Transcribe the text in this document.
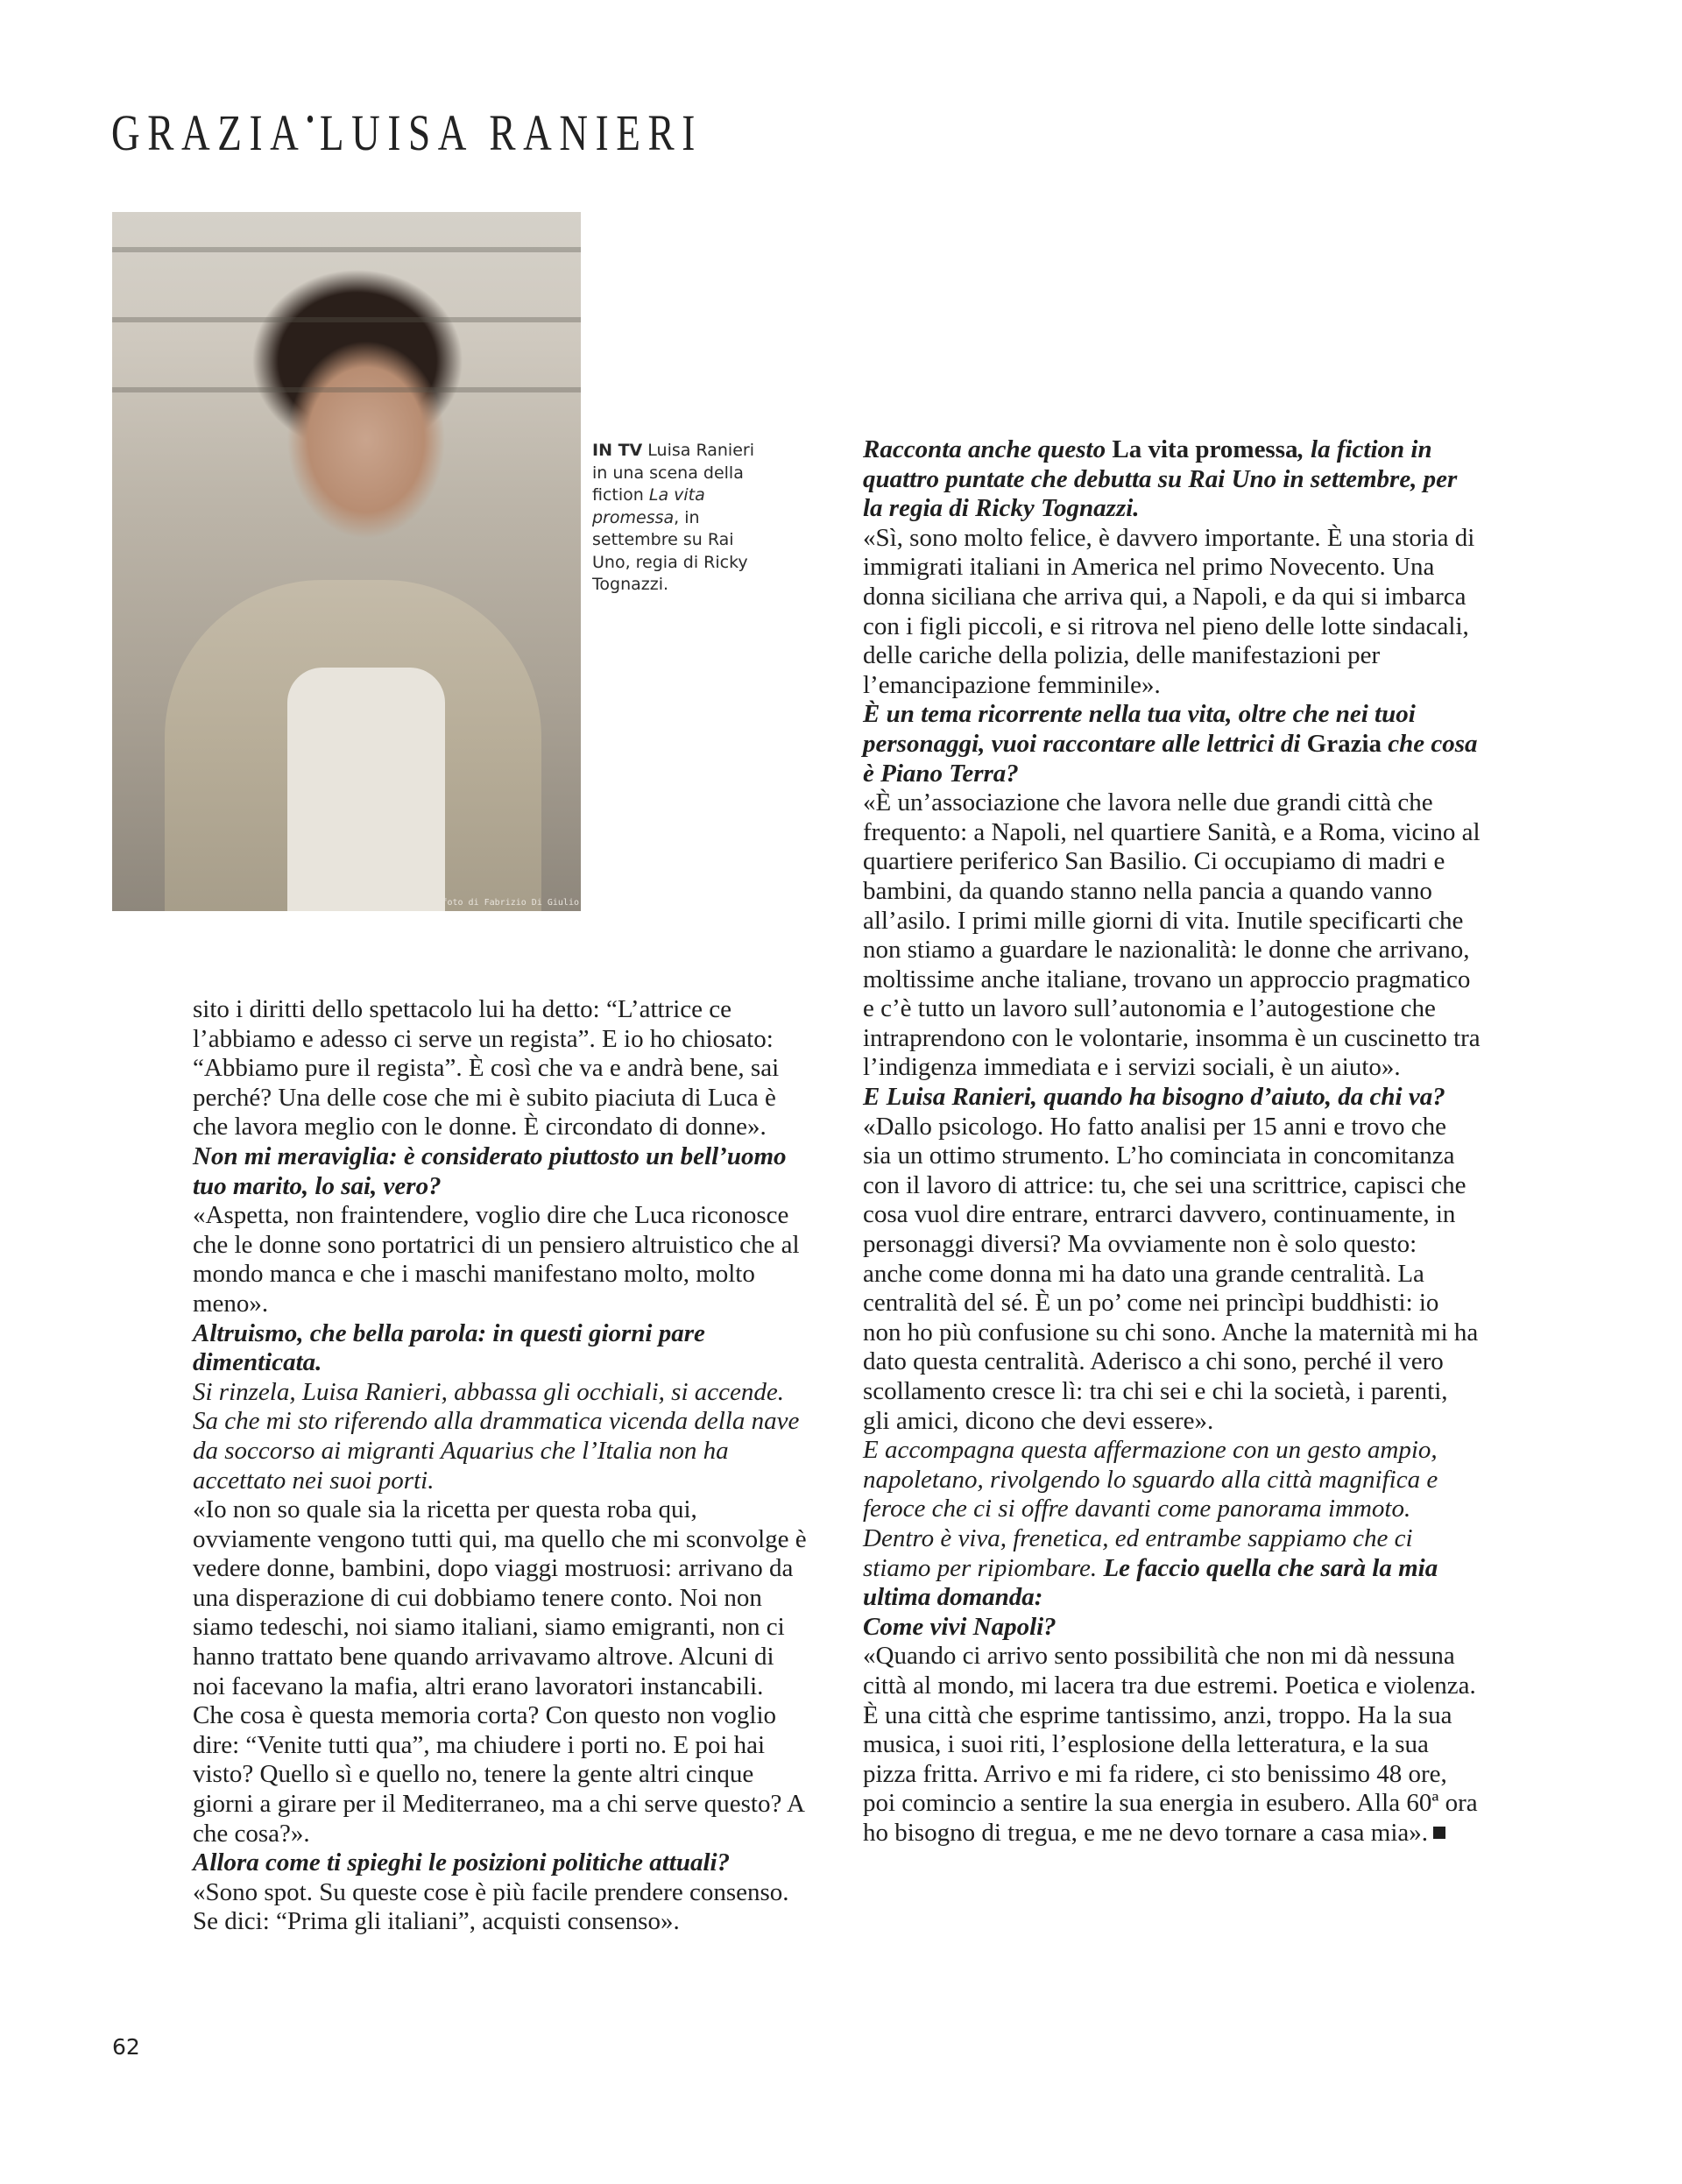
GRAZIA•LUISA RANIERI
foto di Fabrizio Di Giulio
IN TV Luisa Ranieri in una scena della fiction La vita promessa, in settembre su Rai Uno, regia di Ricky Tognazzi.

sito i diritti dello spettacolo lui ha detto: “L’attrice ce l’abbiamo e adesso ci serve un regista”. E io ho chiosato: “Abbiamo pure il regista”. È così che va e andrà bene, sai perché? Una delle cose che mi è subito piaciuta di Luca è che lavora meglio con le donne. È circondato di donne».

Non mi meraviglia: è considerato piuttosto un bell’uomo tuo marito, lo sai, vero?

«Aspetta, non fraintendere, voglio dire che Luca riconosce che le donne sono portatrici di un pensiero altruistico che al mondo manca e che i maschi manifestano molto, molto meno».

Altruismo, che bella parola: in questi giorni pare dimenticata.

Si rinzela, Luisa Ranieri, abbassa gli occhiali, si accende. Sa che mi sto riferendo alla drammatica vicenda della nave da soccorso ai migranti Aquarius che l’Italia non ha accettato nei suoi porti.

«Io non so quale sia la ricetta per questa roba qui, ovviamente vengono tutti qui, ma quello che mi sconvolge è vedere donne, bambini, dopo viaggi mostruosi: arrivano da una disperazione di cui dobbiamo tenere conto. Noi non siamo tedeschi, noi siamo italiani, siamo emigranti, non ci hanno trattato bene quando arrivavamo altrove. Alcuni di noi facevano la mafia, altri erano lavoratori instancabili. Che cosa è questa memoria corta? Con questo non voglio dire: “Venite tutti qua”, ma chiudere i porti no. E poi hai visto? Quello sì e quello no, tenere la gente altri cinque giorni a girare per il Mediterraneo, ma a chi serve questo? A che cosa?».

Allora come ti spieghi le posizioni politiche attuali?

«Sono spot. Su queste cose è più facile prendere consenso. Se dici: “Prima gli italiani”, acquisti consenso».

Racconta anche questo La vita promessa, la fiction in quattro puntate che debutta su Rai Uno in settembre, per la regia di Ricky Tognazzi.

«Sì, sono molto felice, è davvero importante. È una storia di immigrati italiani in America nel primo Novecento. Una donna siciliana che arriva qui, a Napoli, e da qui si imbarca con i figli piccoli, e si ritrova nel pieno delle lotte sindacali, delle cariche della polizia, delle manifestazioni per l’emancipazione femminile».

È un tema ricorrente nella tua vita, oltre che nei tuoi personaggi, vuoi raccontare alle lettrici di Grazia che cosa è Piano Terra?

«È un’associazione che lavora nelle due grandi città che frequento: a Napoli, nel quartiere Sanità, e a Roma, vicino al quartiere periferico San Basilio. Ci occupiamo di madri e bambini, da quando stanno nella pancia a quando vanno all’asilo. I primi mille giorni di vita. Inutile specificarti che non stiamo a guardare le nazionalità: le donne che arrivano, moltissime anche italiane, trovano un approccio pragmatico e c’è tutto un lavoro sull’autonomia e l’autogestione che intraprendono con le volontarie, insomma è un cuscinetto tra l’indigenza immediata e i servizi sociali, è un aiuto».

E Luisa Ranieri, quando ha bisogno d’aiuto, da chi va?

«Dallo psicologo. Ho fatto analisi per 15 anni e trovo che sia un ottimo strumento. L’ho cominciata in concomitanza con il lavoro di attrice: tu, che sei una scrittrice, capisci che cosa vuol dire entrare, entrarci davvero, continuamente, in personaggi diversi? Ma ovviamente non è solo questo: anche come donna mi ha dato una grande centralità. La centralità del sé. È un po’ come nei princìpi buddhisti: io non ho più confusione su chi sono. Anche la maternità mi ha dato questa centralità. Aderisco a chi sono, perché il vero scollamento cresce lì: tra chi sei e chi la società, i parenti, gli amici, dicono che devi essere».

E accompagna questa affermazione con un gesto ampio, napoletano, rivolgendo lo sguardo alla città magnifica e feroce che ci si offre davanti come panorama immoto. Dentro è viva, frenetica, ed entrambe sappiamo che ci stiamo per ripiombare. Le faccio quella che sarà la mia ultima domanda:

Come vivi Napoli?

«Quando ci arrivo sento possibilità che non mi dà nessuna città al mondo, mi lacera tra due estremi. Poetica e violenza. È una città che esprime tantissimo, anzi, troppo. Ha la sua musica, i suoi riti, l’esplosione della letteratura, e la sua pizza fritta. Arrivo e mi fa ridere, ci sto benissimo 48 ore, poi comincio a sentire la sua energia in esubero. Alla 60ª ora ho bisogno di tregua, e me ne devo tornare a casa mia».

62
